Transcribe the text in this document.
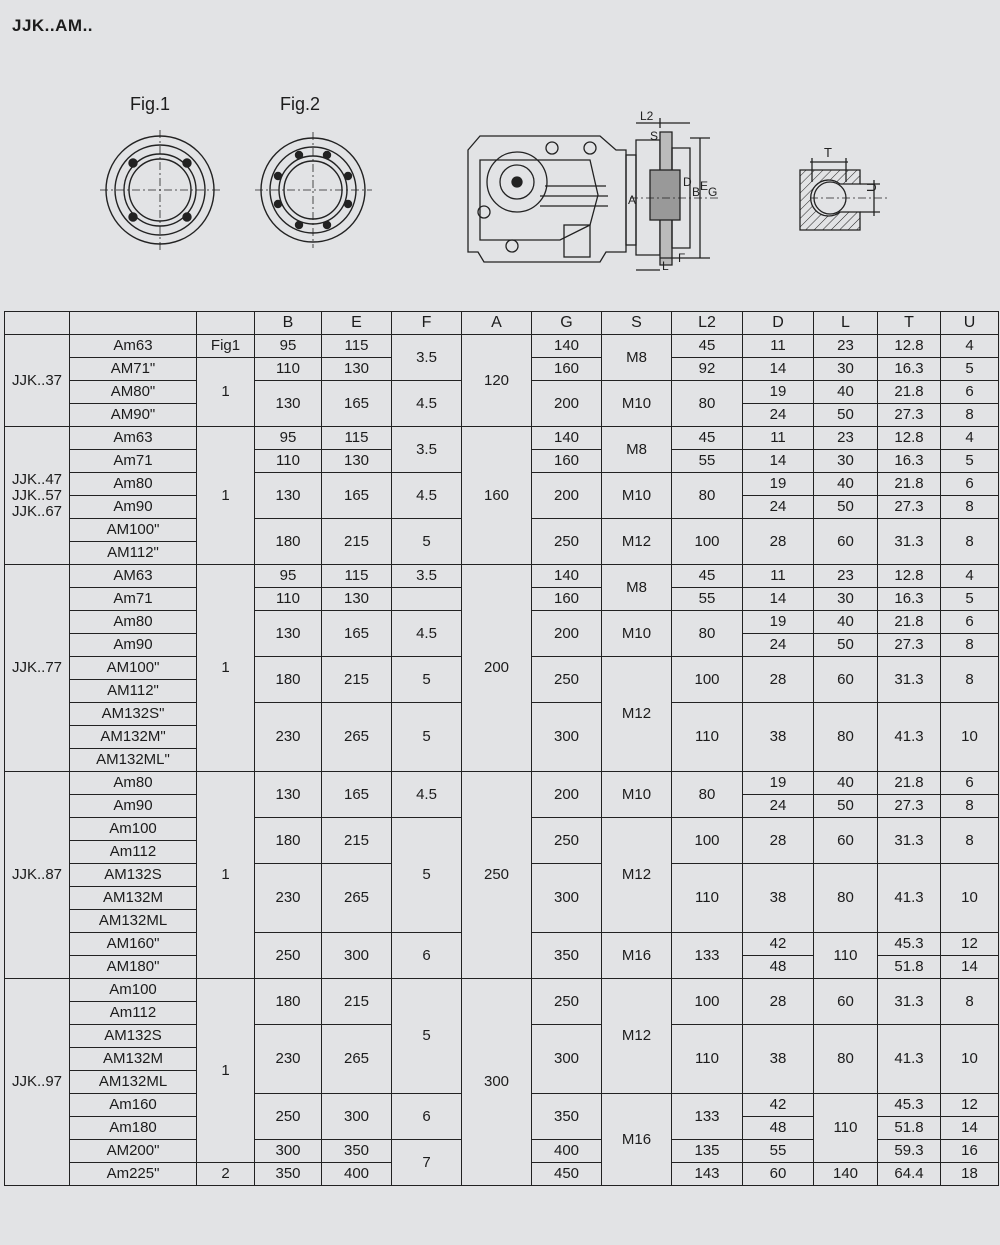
JJK..AM..
Fig.1	Fig.2
L2
S
D
B E G
A
L
F
T
U
			B	E	F	A	G	S	L2	D	L	T	U
JJK..37	Am63	Fig1	95	115	3.5	120	140	M8	45	11	23	12.8	4
	AM71"	1	110	130			160		92	14	30	16.3	5
	AM80"		130	165	4.5		200	M10	80	19	40	21.8	6
	AM90"									24	50	27.3	8
JJK..47
JJK..57
JJK..67	Am63	1	95	115	3.5	160	140	M8	45	11	23	12.8	4
	Am71		110	130			160		55	14	30	16.3	5
	Am80		130	165	4.5		200	M10	80	19	40	21.8	6
	Am90									24	50	27.3	8
	AM100"		180	215	5		250	M12	100	28	60	31.3	8
	AM112"												
JJK..77	AM63	1	95	115	3.5	200	140	M8	45	11	23	12.8	4
	Am71		110	130			160		55	14	30	16.3	5
	Am80		130	165	4.5		200	M10	80	19	40	21.8	6
	Am90									24	50	27.3	8
	AM100"		180	215	5		250	M12	100	28	60	31.3	8
	AM112"												
	AM132S"		230	265	5		300		110	38	80	41.3	10
	AM132M"												
	AM132ML"												
JJK..87	Am80	1	130	165	4.5	250	200	M10	80	19	40	21.8	6
	Am90									24	50	27.3	8
	Am100		180	215	5		250	M12	100	28	60	31.3	8
	Am112												
	AM132S		230	265			300		110	38	80	41.3	10
	AM132M												
	AM132ML												
	AM160"		250	300	6		350	M16	133	42	110	45.3	12
	AM180"									48		51.8	14
JJK..97	Am100	1	180	215	5	300	250	M12	100	28	60	31.3	8
	Am112												
	AM132S		230	265			300		110	38	80	41.3	10
	AM132M												
	AM132ML												
	Am160		250	300	6		350	M16	133	42	110	45.3	12
	Am180									48		51.8	14
	AM200"		300	350	7		400		135	55		59.3	16
	Am225"	2	350	400			450		143	60	140	64.4	18
